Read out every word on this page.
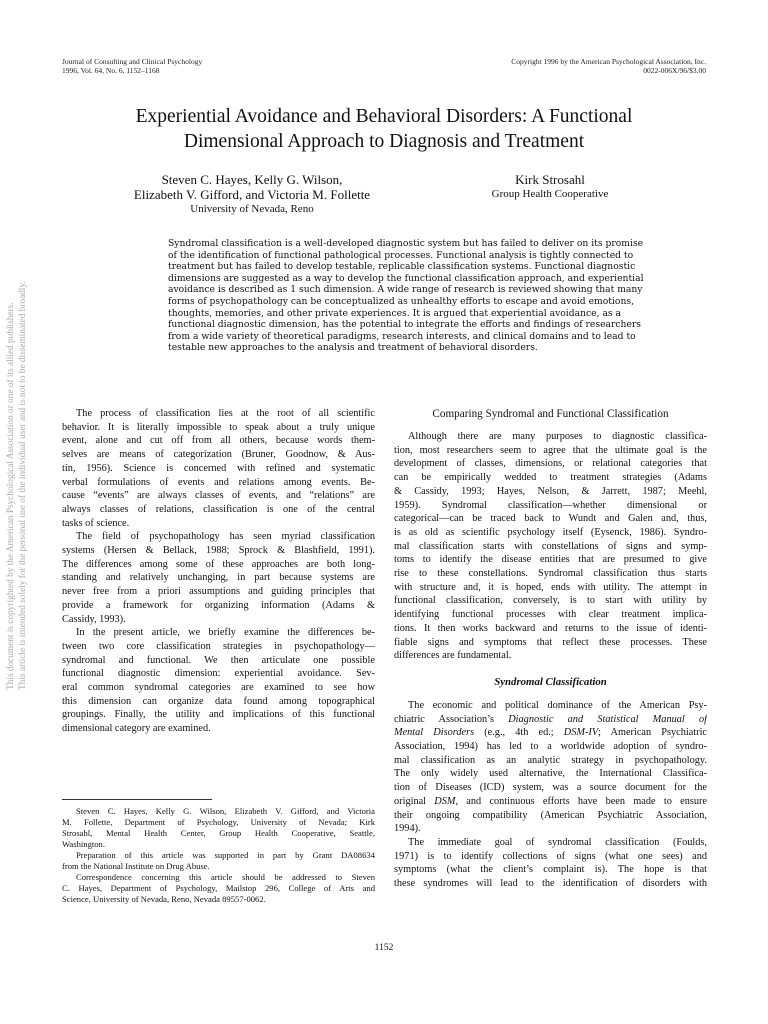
Journal of Consulting and Clinical Psychology
1996, Vol. 64, No. 6, 1152–1168
Copyright 1996 by the American Psychological Association, Inc.
0022-006X/96/$3.00
Experiential Avoidance and Behavioral Disorders: A Functional
Dimensional Approach to Diagnosis and Treatment
Steven C. Hayes, Kelly G. Wilson,
Elizabeth V. Gifford, and Victoria M. Follette
University of Nevada, Reno
Kirk Strosahl
Group Health Cooperative
Syndromal classification is a well-developed diagnostic system but has failed to deliver on its promise
of the identification of functional pathological processes. Functional analysis is tightly connected to
treatment but has failed to develop testable, replicable classification systems. Functional diagnostic
dimensions are suggested as a way to develop the functional classification approach, and experiential
avoidance is described as 1 such dimension. A wide range of research is reviewed showing that many
forms of psychopathology can be conceptualized as unhealthy efforts to escape and avoid emotions,
thoughts, memories, and other private experiences. It is argued that experiential avoidance, as a
functional diagnostic dimension, has the potential to integrate the efforts and findings of researchers
from a wide variety of theoretical paradigms, research interests, and clinical domains and to lead to
testable new approaches to the analysis and treatment of behavioral disorders.
This document is copyrighted by the American Psychological Association or one of its allied publishers. This article is intended solely for the personal use of the individual user and is not to be disseminated broadly.	The process of classification lies at the root of all scientific
behavior. It is literally impossible to speak about a truly unique
event, alone and cut off from all others, because words them-
selves are means of categorization (Bruner, Goodnow, & Aus-
tin, 1956). Science is concerned with refined and systematic
verbal formulations of events and relations among events. Be-
cause “events” are always classes of events, and “relations” are
always classes of relations, classification is one of the central
tasks of science.
The field of psychopathology has seen myriad classification
systems (Hersen & Bellack, 1988; Sprock & Blashfield, 1991).
The differences among some of these approaches are both long-
standing and relatively unchanging, in part because systems are
never free from a priori assumptions and guiding principles that
provide a framework for organizing information (Adams &
Cassidy, 1993).
In the present article, we briefly examine the differences be-
tween two core classification strategies in psychopathology—
syndromal and functional. We then articulate one possible
functional diagnostic dimension: experiential avoidance. Sev-
eral common syndromal categories are examined to see how
this dimension can organize data found among topographical
groupings. Finally, the utility and implications of this functional
dimensional category are examined.
Comparing Syndromal and Functional Classification
Although there are many purposes to diagnostic classifica-
tion, most researchers seem to agree that the ultimate goal is the
development of classes, dimensions, or relational categories that
can be empirically wedded to treatment strategies (Adams
& Cassidy, 1993; Hayes, Nelson, & Jarrett, 1987; Meehl,
1959). Syndromal classification—whether dimensional or
categorical—can be traced back to Wundt and Galen and, thus,
is as old as scientific psychology itself (Eysenck, 1986). Syndro-
mal classification starts with constellations of signs and symp-
toms to identify the disease entities that are presumed to give
rise to these constellations. Syndromal classification thus starts
with structure and, it is hoped, ends with utility. The attempt in
functional classification, conversely, is to start with utility by
identifying functional processes with clear treatment implica-
tions. It then works backward and returns to the issue of identi-
fiable signs and symptoms that reflect these processes. These
differences are fundamental.
Syndromal Classification
The economic and political dominance of the American Psy-
chiatric Association’s Diagnostic and Statistical Manual of
Mental Disorders (e.g., 4th ed.; DSM-IV; American Psychiatric
Association, 1994) has led to a worldwide adoption of syndro-
mal classification as an analytic strategy in psychopathology.
The only widely used alternative, the International Classifica-
tion of Diseases (ICD) system, was a source document for the
original DSM, and continuous efforts have been made to ensure
their ongoing compatibility (American Psychiatric Association,
1994).
The immediate goal of syndromal classification (Foulds,
1971) is to identify collections of signs (what one sees) and
symptoms (what the client’s complaint is). The hope is that
these syndromes will lead to the identification of disorders with
Steven C. Hayes, Kelly G. Wilson, Elizabeth V. Gifford, and Victoria
M. Follette, Department of Psychology, University of Nevada; Kirk
Strosahl, Mental Health Center, Group Health Cooperative, Seattle,
Washington.
Preparation of this article was supported in part by Grant DA08634
from the National Institute on Drug Abuse.
Correspondence concerning this article should be addressed to Steven
C. Hayes, Department of Psychology, Mailstop 296, College of Arts and
Science, University of Nevada, Reno, Nevada 89557-0062.
1152
